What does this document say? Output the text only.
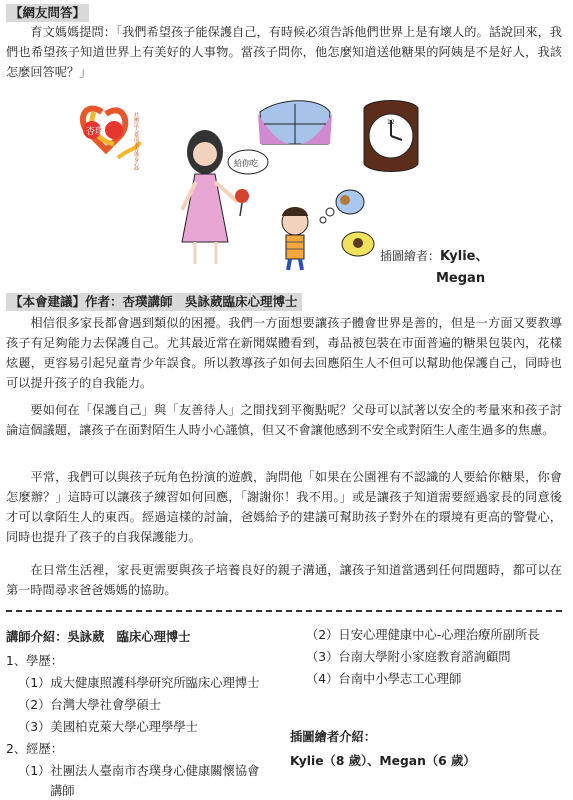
【網友問答】

育文媽媽提問：「我們希望孩子能保護自己，有時候必須告訴他們世界上是有壞人的。話說回來，我們也希望孩子知道世界上有美好的人事物。當孩子問你，他怎麼知道送他糖果的阿姨是不是好人，我該怎麼回答呢？」

杏璞	社團法人臺南市杏璞身心健康關懷協會	給你吃
12
插圖繪者：Kylie、
Megan
【本會建議】作者：杏璞講師　吳詠葳臨床心理博士

相信很多家長都會遇到類似的困擾。我們一方面想要讓孩子體會世界是善的，但是一方面又要教導孩子有足夠能力去保護自己。尤其最近常在新聞媒體看到，毒品被包裝在市面普遍的糖果包裝內，花樣炫麗，更容易引起兒童青少年誤食。所以教導孩子如何去回應陌生人不但可以幫助他保護自己，同時也可以提升孩子的自我能力。

要如何在「保護自己」與「友善待人」之間找到平衡點呢？父母可以試著以安全的考量來和孩子討論這個議題，讓孩子在面對陌生人時小心謹慎，但又不會讓他感到不安全或對陌生人產生過多的焦慮。

平常，我們可以與孩子玩角色扮演的遊戲，詢問他「如果在公園裡有不認識的人要給你糖果，你會怎麼辦？」這時可以讓孩子練習如何回應，「謝謝你！我不用。」或是讓孩子知道需要經過家長的同意後才可以拿陌生人的東西。經過這樣的討論，爸媽給予的建議可幫助孩子對外在的環境有更高的警覺心，同時也提升了孩子的自我保護能力。

在日常生活裡，家長更需要與孩子培養良好的親子溝通，讓孩子知道當遇到任何問題時，都可以在第一時間尋求爸爸媽媽的協助。

講師介紹：吳詠葳　臨床心理博士
1、學歷：
（1）成大健康照護科學研究所臨床心理博士
（2）台灣大學社會學碩士
（3）美國柏克萊大學心理學學士
2、經歷：
（1）社團法人臺南市杏璞身心健康關懷協會
講師
（2）日安心理健康中心-心理治療所副所長
（3）台南大學附小家庭教育諮詢顧問
（4）台南中小學志工心理師
插圖繪者介紹：
Kylie（8 歲）、Megan（6 歲）
